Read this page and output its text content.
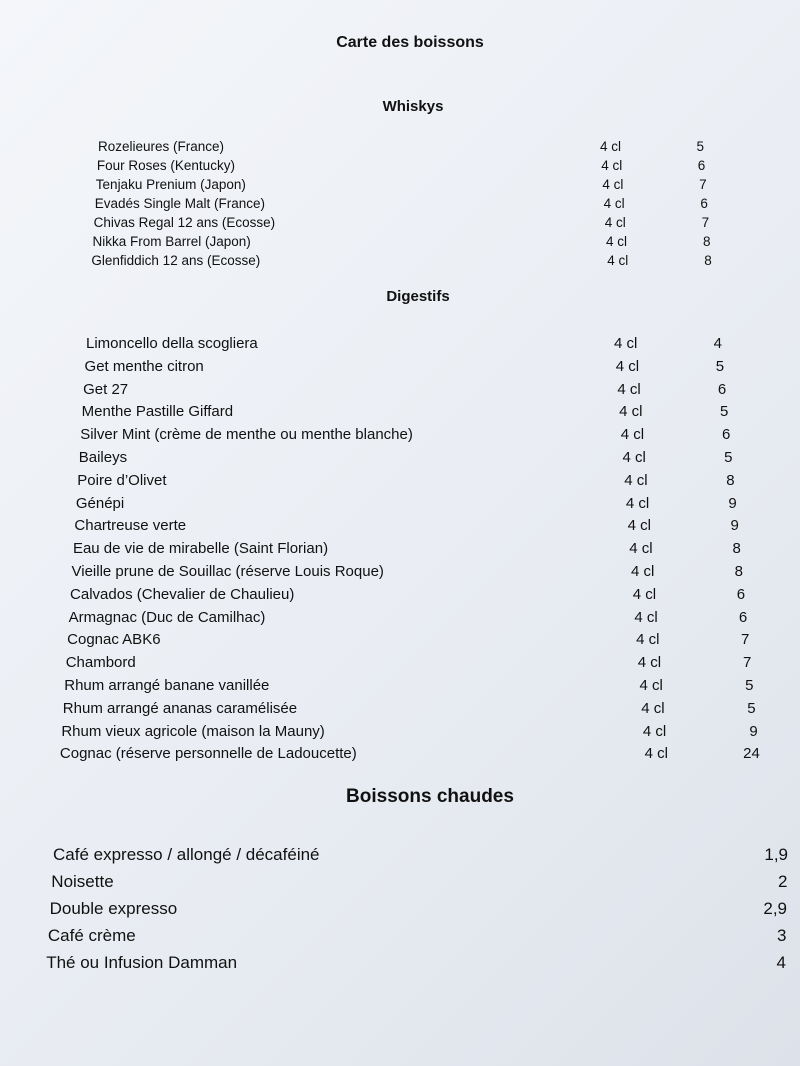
Carte des boissons
Whiskys
Rozelieures (France)	4 cl	5
Four Roses (Kentucky)	4 cl	6
Tenjaku Prenium (Japon)	4 cl	7
Evadés Single Malt (France)	4 cl	6
Chivas Regal 12 ans (Ecosse)	4 cl	7
Nikka From Barrel (Japon)	4 cl	8
Glenfiddich 12 ans (Ecosse)	4 cl	8
Digestifs
Limoncello della scogliera	4 cl	4
Get menthe citron	4 cl	5
Get 27	4 cl	6
Menthe Pastille Giffard	4 cl	5
Silver Mint (crème de menthe ou menthe blanche)	4 cl	6
Baileys	4 cl	5
Poire d’Olivet	4 cl	8
Génépi	4 cl	9
Chartreuse verte	4 cl	9
Eau de vie de mirabelle (Saint Florian)	4 cl	8
Vieille prune de Souillac (réserve Louis Roque)	4 cl	8
Calvados (Chevalier de Chaulieu)	4 cl	6
Armagnac (Duc de Camilhac)	4 cl	6
Cognac ABK6	4 cl	7
Chambord	4 cl	7
Rhum arrangé banane vanillée	4 cl	5
Rhum arrangé ananas caramélisée	4 cl	5
Rhum vieux agricole (maison la Mauny)	4 cl	9
Cognac (réserve personnelle de Ladoucette)	4 cl	24
Boissons chaudes
Café expresso / allongé / décaféiné	1,9
Noisette	2
Double expresso	2,9
Café crème	3
Thé ou Infusion Damman	4
